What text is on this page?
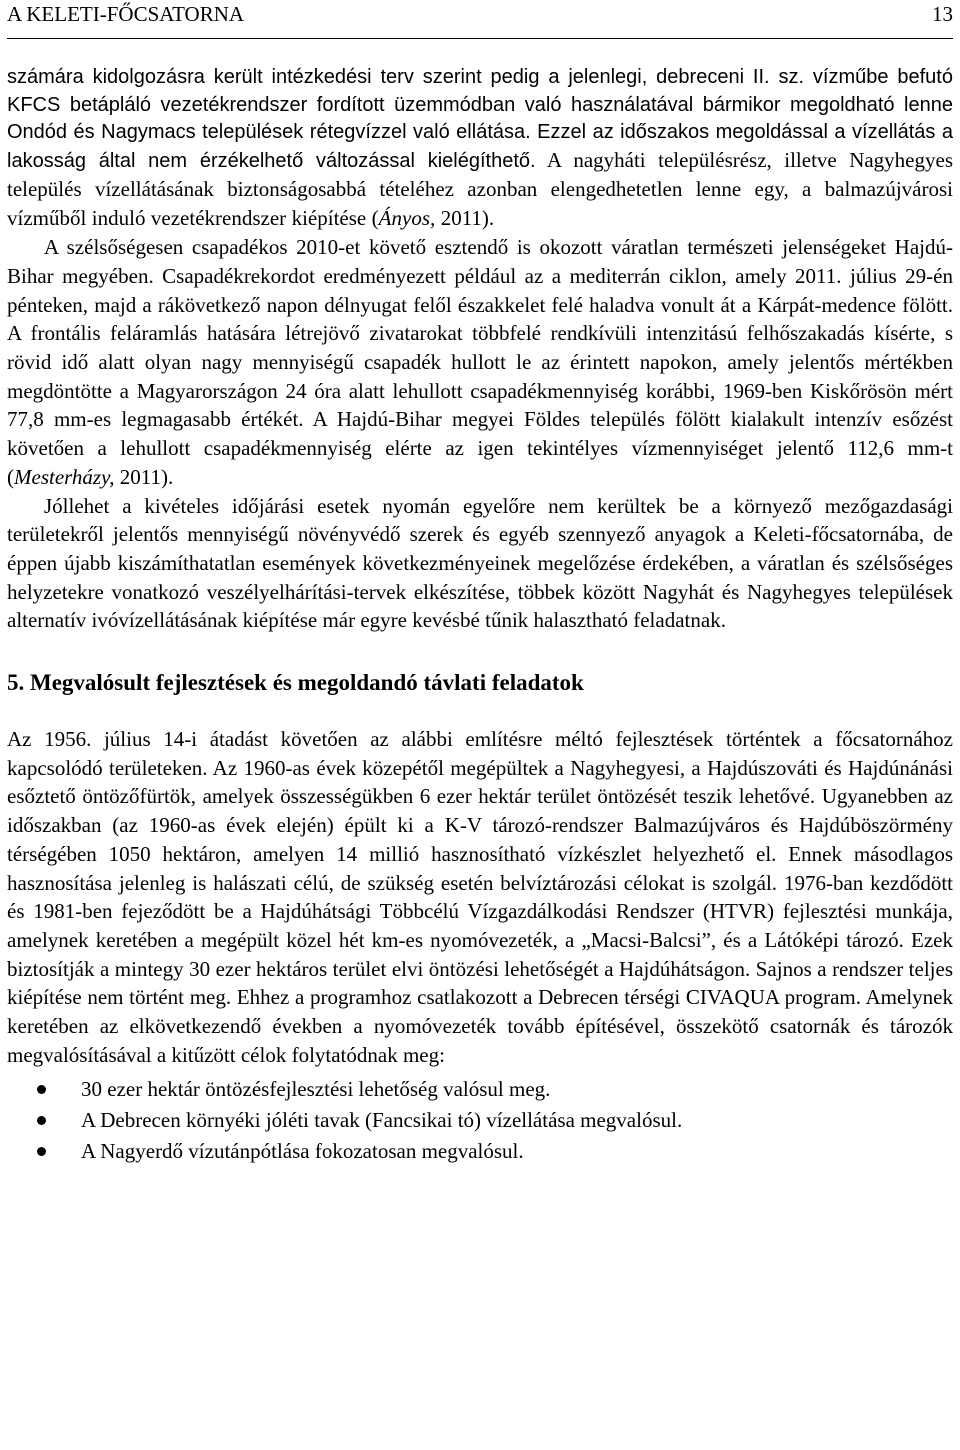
A KELETI-FŐCSATORNA	13

számára kidolgozásra került intézkedési terv szerint pedig a jelenlegi, debreceni II. sz. vízműbe befutó KFCS betápláló vezetékrendszer fordított üzemmódban való használatával bármikor megoldható lenne Ondód és Nagymacs települések rétegvízzel való ellátása. Ezzel az időszakos megoldással a vízellátás a lakosság által nem érzékelhető változással kielégíthető. A nagyháti településrész, illetve Nagyhegyes település vízellátásának biztonságosabbá tételéhez azonban elengedhetetlen lenne egy, a balmazújvárosi vízműből induló vezetékrendszer kiépítése (Ányos, 2011).

A szélsőségesen csapadékos 2010-et követő esztendő is okozott váratlan természeti jelenségeket Hajdú-Bihar megyében. Csapadékrekordot eredményezett például az a mediterrán ciklon, amely 2011. július 29-én pénteken, majd a rákövetkező napon délnyugat felől északkelet felé haladva vonult át a Kárpát-medence fölött. A frontális feláramlás hatására létrejövő zivatarokat többfelé rendkívüli intenzitású felhőszakadás kísérte, s rövid idő alatt olyan nagy mennyiségű csapadék hullott le az érintett napokon, amely jelentős mértékben megdöntötte a Magyarországon 24 óra alatt lehullott csapadékmennyiség korábbi, 1969-ben Kiskőrösön mért 77,8 mm-es legmagasabb értékét. A Hajdú-Bihar megyei Földes település fölött kialakult intenzív esőzést követően a lehullott csapadékmennyiség elérte az igen tekintélyes vízmennyiséget jelentő 112,6 mm-t (Mesterházy, 2011).

Jóllehet a kivételes időjárási esetek nyomán egyelőre nem kerültek be a környező mezőgazdasági területekről jelentős mennyiségű növényvédő szerek és egyéb szennyező anyagok a Keleti-főcsatornába, de éppen újabb kiszámíthatatlan események következményeinek megelőzése érdekében, a váratlan és szélsőséges helyzetekre vonatkozó veszélyelhárítási-tervek elkészítése, többek között Nagyhát és Nagyhegyes települések alternatív ivóvízellátásának kiépítése már egyre kevésbé tűnik halasztható feladatnak.

5. Megvalósult fejlesztések és megoldandó távlati feladatok

Az 1956. július 14-i átadást követően az alábbi említésre méltó fejlesztések történtek a főcsatornához kapcsolódó területeken. Az 1960-as évek közepétől megépültek a Nagyhegyesi, a Hajdúszováti és Hajdúnánási esőztető öntözőfürtök, amelyek összességükben 6 ezer hektár terület öntözését teszik lehetővé. Ugyanebben az időszakban (az 1960-as évek elején) épült ki a K-V tározó-rendszer Balmazújváros és Hajdúböszörmény térségében 1050 hektáron, amelyen 14 millió hasznosítható vízkészlet helyezhető el. Ennek másodlagos hasznosítása jelenleg is halászati célú, de szükség esetén belvíztározási célokat is szolgál. 1976-ban kezdődött és 1981-ben fejeződött be a Hajdúhátsági Többcélú Vízgazdálkodási Rendszer (HTVR) fejlesztési munkája, amelynek keretében a megépült közel hét km-es nyomóvezeték, a „Macsi-Balcsi”, és a Látóképi tározó. Ezek biztosítják a mintegy 30 ezer hektáros terület elvi öntözési lehetőségét a Hajdúhátságon. Sajnos a rendszer teljes kiépítése nem történt meg. Ehhez a programhoz csatlakozott a Debrecen térségi CIVAQUA program. Amelynek keretében az elkövetkezendő években a nyomóvezeték tovább építésével, összekötő csatornák és tározók megvalósításával a kitűzött célok folytatódnak meg:

30 ezer hektár öntözésfejlesztési lehetőség valósul meg.
A Debrecen környéki jóléti tavak (Fancsikai tó) vízellátása megvalósul.
A Nagyerdő vízutánpótlása fokozatosan megvalósul.
